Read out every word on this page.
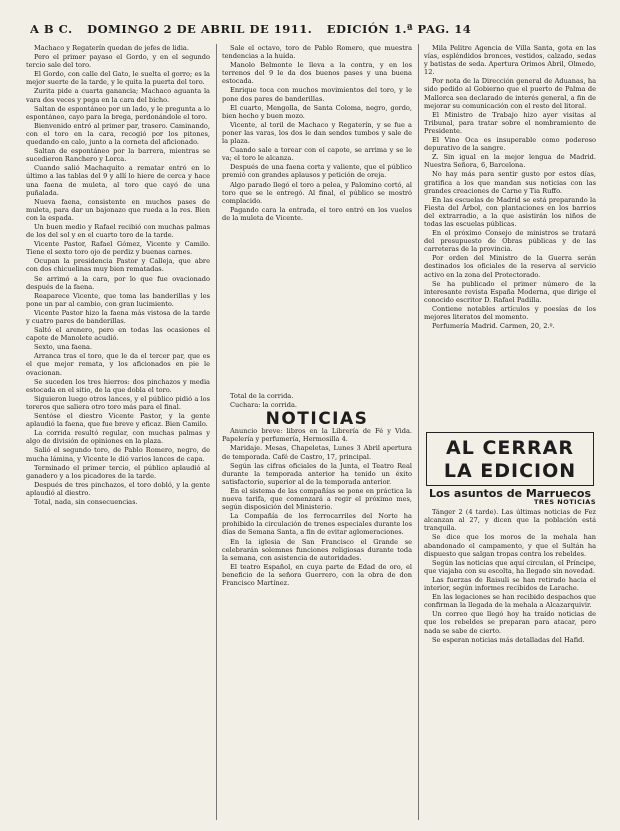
A B C. DOMINGO 2 DE ABRIL DE 1911. EDICIÓN 1.ª PAG. 14

Machaco y Regaterín quedan de jefes de lidia.

Pero el primer payaso el Gordo, y en el segundo tercio sale del toro.

El Gordo, con calle del Gato, le suelta el gorro; es la mejor suerte de la tarde, y le quita la puerta del toro.

Zurita pide a cuarta ganancia; Machaco aguanta la vara dos veces y pega en la cara del bicho.

Saltan de espontáneo por un lado, y le pregunta a lo espontáneo, cayo para la brega, perdonándole el toro.

Bienvenido entró al primer par, trasero. Caminando, con el toro en la cara, recogió por los pitones, quedando en calo, junto a la corneta del aficionado.

Saltan de espontáneo por la barrera, mientras se sucedieron Ranchero y Lorca.

Cuando salió Machaquito a rematar entró en lo último a las tablas del 9 y allí lo hiere de cerca y hace una faena de muleta, al toro que cayó de una puñalada.

Nueva faena, consistente en muchos pases de muleta, para dar un bajonazo que rueda a la res. Bien con la espada.

Un buen medio y Rafael recibió con muchas palmas de los del sol y en el cuarto toro de la tarde.

Vicente Pastor, Rafael Gómez, Vicente y Camilo. Tiene el sexto toro ojo de perdiz y buenas carnes.

Ocupan la presidencia Pastor y Calleja, que abre con dos chicuelinas muy bien rematadas.

Se arrimó a la cara, por lo que fue ovacionado después de la faena.

Reaparece Vicente, que toma las banderillas y les pone un par al cambio, con gran lucimiento.

Vicente Pastor hizo la faena más vistosa de la tarde y cuatro pares de banderillas.

Saltó el arenero, pero en todas las ocasiones el capote de Manolete acudió.

Sexto, una faena.

Arranca tras el toro, que le da el tercer par, que es el que mejor remata, y los aficionados en pie le ovacionan.

Se suceden los tres hierros: dos pinchazos y media estocada en el sitio, de la que dobla el toro.

Siguieron luego otros lances, y el público pidió a los toreros que saliera otro toro más para el final.

Sentóse el diestro Vicente Pastor, y la gente aplaudió la faena, que fue breve y eficaz. Bien Camilo.

La corrida resultó regular, con muchas palmas y algo de división de opiniones en la plaza.

Salió el segundo toro, de Pablo Romero, negro, de mucha lámina, y Vicente le dió varios lances de capa.

Terminado el primer tercio, el público aplaudió al ganadero y a los picadores de la tarde.

Después de tres pinchazos, el toro dobló, y la gente aplaudió al diestro.

Total, nada, sin consecuencias.

Sale el octavo, toro de Pablo Romero, que muestra tendencias a la huída.

Manolo Belmonte le lleva a la contra, y en los terrenos del 9 le da dos buenos pases y una buena estocada.

Enrique toca con muchos movimientos del toro, y le pone dos pares de banderillas.

El cuarto, Mengolla, de Santa Coloma, negro, gordo, bien hecho y buen mozo.

Vicente, al toril de Machaco y Regaterín, y se fue a poner las varas, los dos le dan sendos tumbos y sale de la plaza.

Cuando sale a torear con el capote, se arrima y se le va; el toro le alcanza.

Después de una faena corta y valiente, que el público premió con grandes aplausos y petición de oreja.

Algo parado llegó el toro a pelea, y Palomino cortó, al toro que se le entregó. Al final, el público se mostró complacido.

Pagando cara la entrada, el toro entró en los vuelos de la muleta de Vicente.

Total de la corrida.

Cuchara: la corrida.

NOTICIAS

Anuncio breve: libros en la Librería de Fé y Vida. Papelería y perfumería, Hermosilla 4.

Maridaje. Mesas, Chapeletas, Lunes 3 Abril apertura de temporada. Café de Castro, 17, principal.

Según las cifras oficiales de la Junta, el Teatro Real durante la temporada anterior ha tenido un éxito satisfactorio, superior al de la temporada anterior.

En el sistema de las compañías se pone en práctica la nueva tarifa, que comenzará a regir el próximo mes, según disposición del Ministerio.

La Compañía de los ferrocarriles del Norte ha prohibido la circulación de trenes especiales durante los días de Semana Santa, a fin de evitar aglomeraciones.

En la iglesia de San Francisco el Grande se celebrarán solemnes funciones religiosas durante toda la semana, con asistencia de autoridades.

El teatro Español, en cuya parte de Edad de oro, el beneficio de la señora Guerrero, con la obra de don Francisco Martínez.

Mila Pelitre Agencia de Villa Santa, gota en las vías, espléndidos bronces, vestidos, calzado, sedas y batistas de seda. Apertura Orimos Abril, Olmedo, 12.

Por nota de la Dirección general de Aduanas, ha sido pedido al Gobierno que el puerto de Palma de Mallorca sea declarado de interés general, a fin de mejorar su comunicación con el resto del litoral.

El Ministro de Trabajo hizo ayer visitas al Tribunal, para tratar sobre el nombramiento de Presidente.

El Vino Oca es insuperable como poderoso depurativo de la sangre.

Z. Sin igual en la mejor lengua de Madrid. Nuestra Señora, 6, Barcelona.

No hay más para sentir gusto por estos días, gratifica a los que mandan sus noticias con las grandes creaciones de Carne y Tia Ruffo.

En las escuelas de Madrid se está preparando la Fiesta del Árbol, con plantaciones en los barrios del extrarradio, a la que asistirán los niños de todas las escuelas públicas.

En el próximo Consejo de ministros se tratará del presupuesto de Obras públicas y de las carreteras de la provincia.

Por orden del Ministro de la Guerra serán destinados los oficiales de la reserva al servicio activo en la zona del Protectorado.

Se ha publicado el primer número de la interesante revista España Moderna, que dirige el conocido escritor D. Rafael Padilla.

Contiene notables artículos y poesías de los mejores literatos del momento.

Perfumería Madrid. Carmen, 20, 2.º.

AL CERRAR
LA EDICION
Los asuntos de Marruecos
TRES NOTICIAS

Tánger 2 (4 tarde). Las últimas noticias de Fez alcanzan al 27, y dicen que la población está tranquila.

Se dice que los moros de la mehala han abandonado el campamento, y que el Sultán ha dispuesto que salgan tropas contra los rebeldes.

Según las noticias que aquí circulan, el Príncipe, que viajaba con su escolta, ha llegado sin novedad.

Las fuerzas de Raisuli se han retirado hacia el interior, según informes recibidos de Larache.

En las legaciones se han recibido despachos que confirman la llegada de la mehala a Alcazarquivir.

Un correo que llegó hoy ha traído noticias de que los rebeldes se preparan para atacar, pero nada se sabe de cierto.

Se esperan noticias más detalladas del Hafid.
